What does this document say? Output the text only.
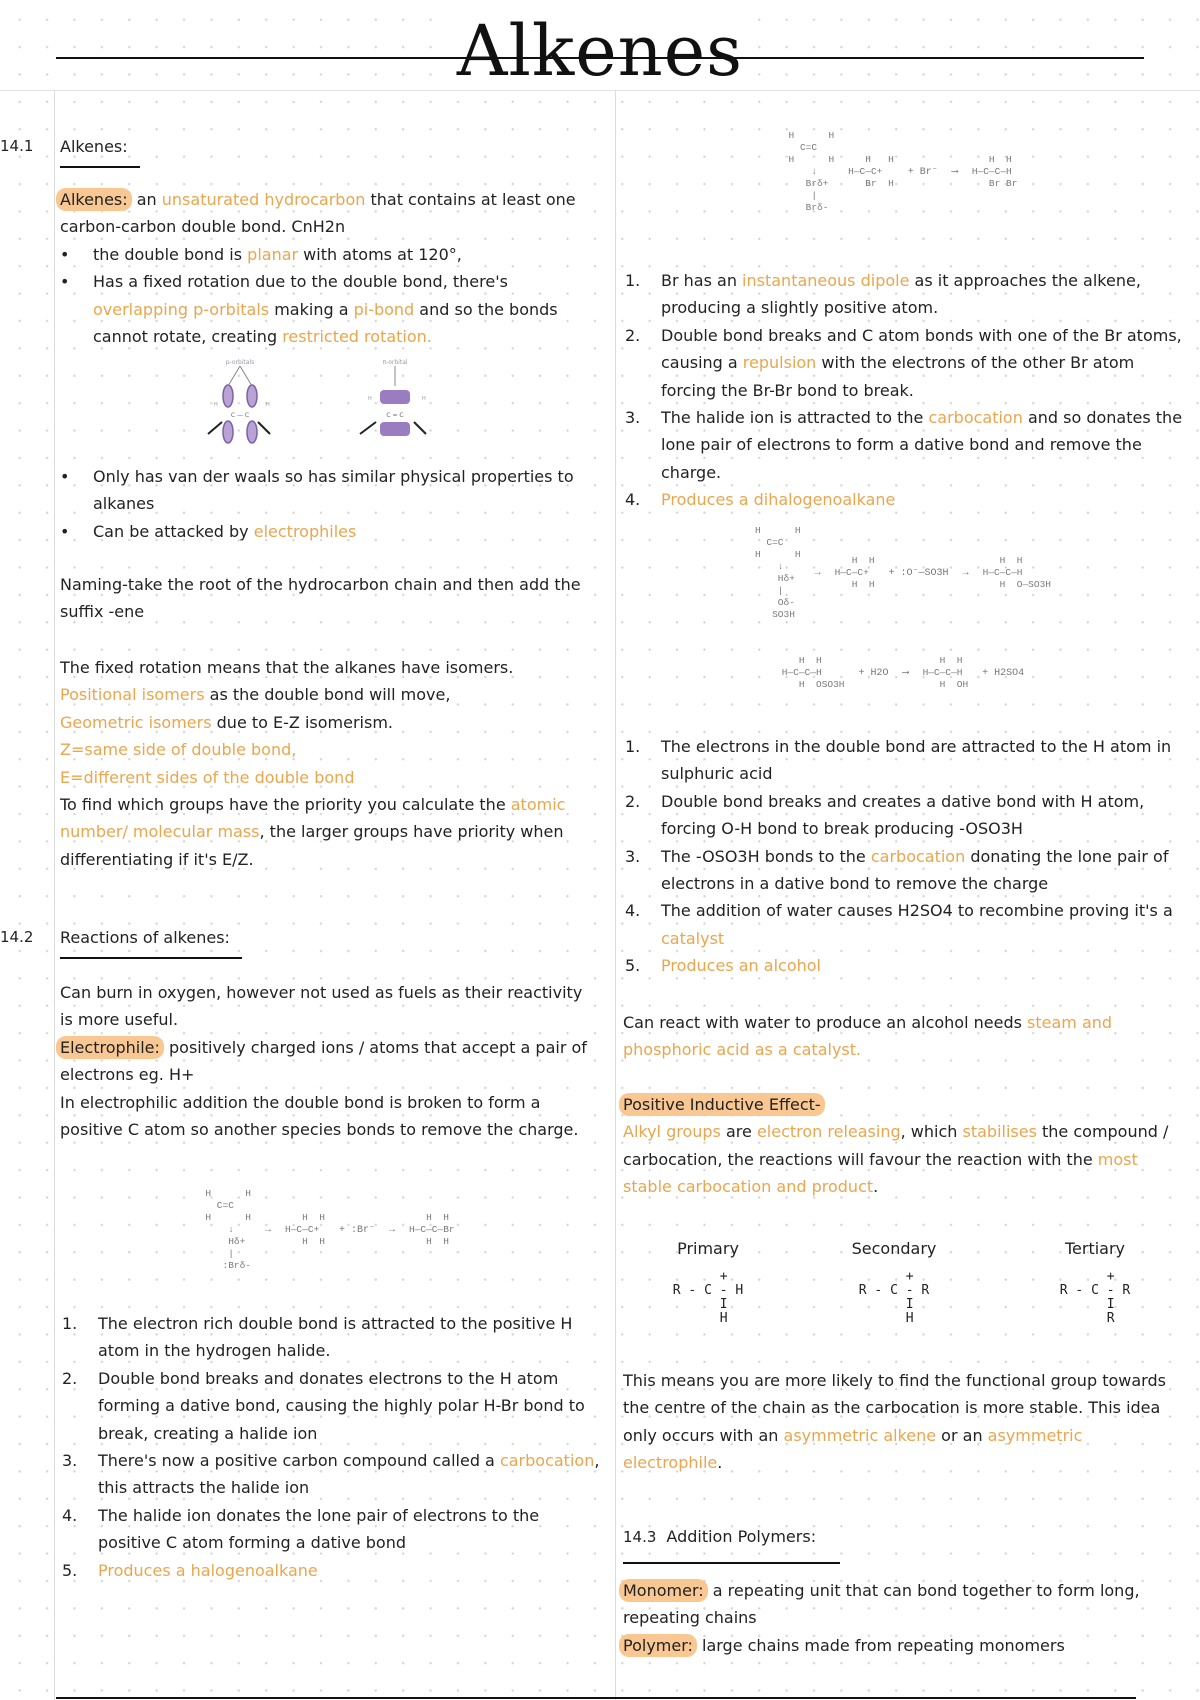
Alkenes
14.1 Alkenes:
Alkenes: an unsaturated hydrocarbon that contains at least one carbon-carbon double bond. CnH2n
• the double bond is planar with atoms at 120°,
• Has a fixed rotation due to the double bond, there's overlapping p-orbitals making a pi-bond and so the bonds cannot rotate, creating restricted rotation.
p-orbitals
C — C
H	H
π-orbital
C = C
H	H
• Only has van der waals so has similar physical properties to alkanes
• Can be attacked by electrophiles
Naming-take the root of the hydrocarbon chain and then add the suffix -ene
The fixed rotation means that the alkanes have isomers.
Positional isomers as the double bond will move,
Geometric isomers due to E-Z isomerism.
Z=same side of double bond,
E=different sides of the double bond
To find which groups have the priority you calculate the atomic number/ molecular mass, the larger groups have priority when differentiating if it's E/Z.
14.2 Reactions of alkenes:
Can burn in oxygen, however not used as fuels as their reactivity is more useful.
Electrophile: positively charged ions / atoms that accept a pair of electrons eg. H+
In electrophilic addition the double bond is broken to form a positive C atom so another species bonds to remove the charge.
H      H
C=C
H      H
↓
Hδ+
|
:Brδ-
→
H  H
H—C—C+
H  H
+ :Br⁻ →
H  H
H—C—C—Br
H  H
1. The electron rich double bond is attracted to the positive H atom in the hydrogen halide.
2. Double bond breaks and donates electrons to the H atom forming a dative bond, causing the highly polar H-Br bond to break, creating a halide ion
3. There's now a positive carbon compound called a carbocation, this attracts the halide ion
4. The halide ion donates the lone pair of electrons to the positive C atom forming a dative bond
5. Produces a halogenoalkane
H      H
C=C
H      H
↓
Brδ+
|
Brδ-
H   H
H—C—C+
Br  H
+ Br⁻ ⟶
H  H
H—C—C—H
Br Br
1. Br has an instantaneous dipole as it approaches the alkene, producing a slightly positive atom.
2. Double bond breaks and C atom bonds with one of the Br atoms, causing a repulsion with the electrons of the other Br atom forcing the Br-Br bond to break.
3. The halide ion is attracted to the carbocation and so donates the lone pair of electrons to form a dative bond and remove the charge.
4. Produces a dihalogenoalkane
H      H
C=C
H      H
↓
Hδ+
|
Oδ-
SO3H
→
H  H
H—C—C+
H  H
+ :O⁻—SO3H →
H  H
H—C—C—H
H  O—SO3H
H  H
H—C—C—H
H  OSO3H
+ H2O ⟶
H  H
H—C—C—H
H  OH
+ H2SO4
1. The electrons in the double bond are attracted to the H atom in sulphuric acid
2. Double bond breaks and creates a dative bond with H atom, forcing O-H bond to break producing -OSO3H
3. The -OSO3H bonds to the carbocation donating the lone pair of electrons in a dative bond to remove the charge
4. The addition of water causes H2SO4 to recombine proving it's a catalyst
5. Produces an alcohol
Can react with water to produce an alcohol needs steam and phosphoric acid as a catalyst.
Positive Inductive Effect-
Alkyl groups are electron releasing, which stabilises the compound / carbocation, the reactions will favour the reaction with the most stable carbocation and product.
Primary
+
R - C - H
I
H
Secondary
+
R - C - R
I
H
Tertiary
+
R - C - R
I
R
This means you are more likely to find the functional group towards the centre of the chain as the carbocation is more stable. This idea only occurs with an asymmetric alkene or an asymmetric electrophile.
14.3 Addition Polymers:
Monomer: a repeating unit that can bond together to form long, repeating chains
Polymer: large chains made from repeating monomers
